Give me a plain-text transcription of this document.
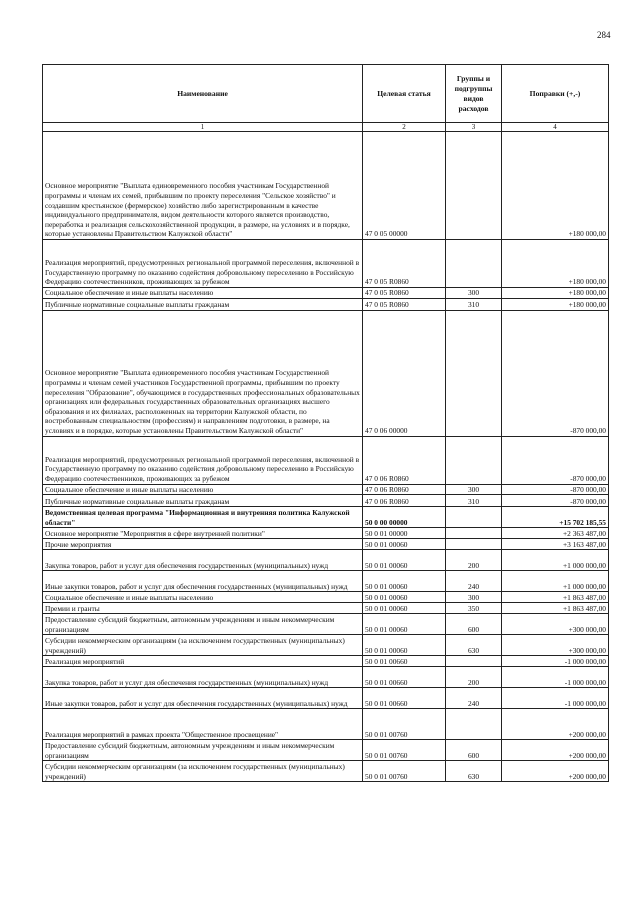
284
Наименование	Целевая статья	Группы и подгруппы видов расходов	Поправки (+,-)
1	2	3	4
Основное мероприятие "Выплата единовременного пособия участникам Государственной программы и членам их семей, прибывшим по проекту переселения "Сельское хозяйство" и создавшим крестьянское (фермерское) хозяйство либо зарегистрированным в качестве индивидуального предпринимателя, видом деятельности которого является производство, переработка и реализация сельскохозяйственной продукции, в размере, на условиях и в порядке, которые установлены Правительством Калужской области"	47 0 05 00000		+180 000,00
Реализация мероприятий, предусмотренных региональной программой переселения, включенной в Государственную программу по оказанию содействия добровольному переселению в Российскую Федерацию соотечественников, проживающих за рубежом	47 0 05 R0860		+180 000,00
Социальное обеспечение и иные выплаты населению	47 0 05 R0860	300	+180 000,00
Публичные нормативные социальные выплаты гражданам	47 0 05 R0860	310	+180 000,00
Основное мероприятие "Выплата единовременного пособия участникам Государственной программы и членам семей участников Государственной программы, прибывшим по проекту переселения "Образование", обучающимся в государственных профессиональных образовательных организациях или федеральных государственных образовательных организациях высшего образования и их филиалах, расположенных на территории Калужской области, по востребованным специальностям (профессиям) и направлениям подготовки, в размере, на условиях и в порядке, которые установлены Правительством Калужской области"	47 0 06 00000		-870 000,00
Реализация мероприятий, предусмотренных региональной программой переселения, включенной в Государственную программу по оказанию содействия добровольному переселению в Российскую Федерацию соотечественников, проживающих за рубежом	47 0 06 R0860		-870 000,00
Социальное обеспечение и иные выплаты населению	47 0 06 R0860	300	-870 000,00
Публичные нормативные социальные выплаты гражданам	47 0 06 R0860	310	-870 000,00
Ведомственная целевая программа "Информационная и внутренняя политика Калужской области"	50 0 00 00000		+15 702 185,55
Основное мероприятие "Мероприятия в сфере внутренней политики"	50 0 01 00000		+2 363 487,00
Прочие мероприятия	50 0 01 00060		+3 163 487,00
Закупка товаров, работ и услуг для обеспечения государственных (муниципальных) нужд	50 0 01 00060	200	+1 000 000,00
Иные закупки товаров, работ и услуг для обеспечения государственных (муниципальных) нужд	50 0 01 00060	240	+1 000 000,00
Социальное обеспечение и иные выплаты населению	50 0 01 00060	300	+1 863 487,00
Премии и гранты	50 0 01 00060	350	+1 863 487,00
Предоставление субсидий бюджетным, автономным учреждениям и иным некоммерческим организациям	50 0 01 00060	600	+300 000,00
Субсидии некоммерческим организациям (за исключением государственных (муниципальных) учреждений)	50 0 01 00060	630	+300 000,00
Реализация мероприятий	50 0 01 00660		-1 000 000,00
Закупка товаров, работ и услуг для обеспечения государственных (муниципальных) нужд	50 0 01 00660	200	-1 000 000,00
Иные закупки товаров, работ и услуг для обеспечения государственных (муниципальных) нужд	50 0 01 00660	240	-1 000 000,00
Реализация мероприятий в рамках проекта "Общественное просвещение"	50 0 01 00760		+200 000,00
Предоставление субсидий бюджетным, автономным учреждениям и иным некоммерческим организациям	50 0 01 00760	600	+200 000,00
Субсидии некоммерческим организациям (за исключением государственных (муниципальных) учреждений)	50 0 01 00760	630	+200 000,00
